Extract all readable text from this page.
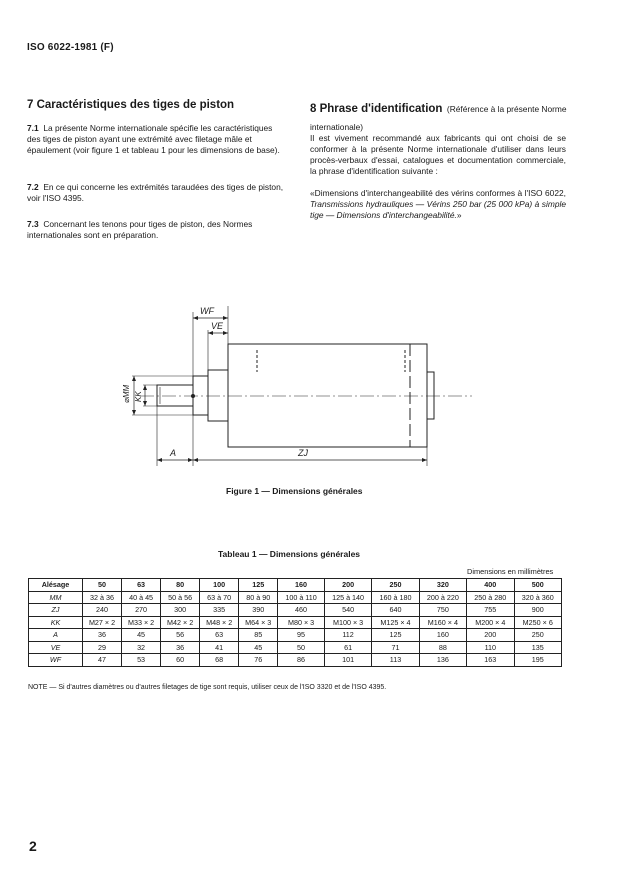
ISO 6022-1981 (F)
7 Caractéristiques des tiges de piston
7.1 La présente Norme internationale spécifie les caractéristiques des tiges de piston ayant une extrémité avec filetage mâle et épaulement (voir figure 1 et tableau 1 pour les dimensions de base).
7.2 En ce qui concerne les extrémités taraudées des tiges de piston, voir l'ISO 4395.
7.3 Concernant les tenons pour tiges de piston, des Normes internationales sont en préparation.
8 Phrase d'identification (Référence à la présente Norme internationale)
Il est vivement recommandé aux fabricants qui ont choisi de se conformer à la présente Norme internationale d'utiliser dans leurs procès-verbaux d'essai, catalogues et documentation commerciale, la phrase d'identification suivante :
«Dimensions d'interchangeabilité des vérins conformes à l'ISO 6022, Transmissions hydrauliques — Vérins 250 bar (25 000 kPa) à simple tige — Dimensions d'interchangeabilité.»
WF
VE
A	ZJ
⌀MM KK
Figure 1 — Dimensions générales
Tableau 1 — Dimensions générales
Dimensions en millimètres
Alésage	50	63	80	100	125	160	200	250	320	400	500
MM	32 à 36	40 à 45	50 à 56	63 à 70	80 à 90	100 à 110	125 à 140	160 à 180	200 à 220	250 à 280	320 à 360
ZJ	240	270	300	335	390	460	540	640	750	755	900
KK	M27 × 2	M33 × 2	M42 × 2	M48 × 2	M64 × 3	M80 × 3	M100 × 3	M125 × 4	M160 × 4	M200 × 4	M250 × 6
A	36	45	56	63	85	95	112	125	160	200	250
VE	29	32	36	41	45	50	61	71	88	110	135
WF	47	53	60	68	76	86	101	113	136	163	195
NOTE — Si d'autres diamètres ou d'autres filetages de tige sont requis, utiliser ceux de l'ISO 3320 et de l'ISO 4395.
2
